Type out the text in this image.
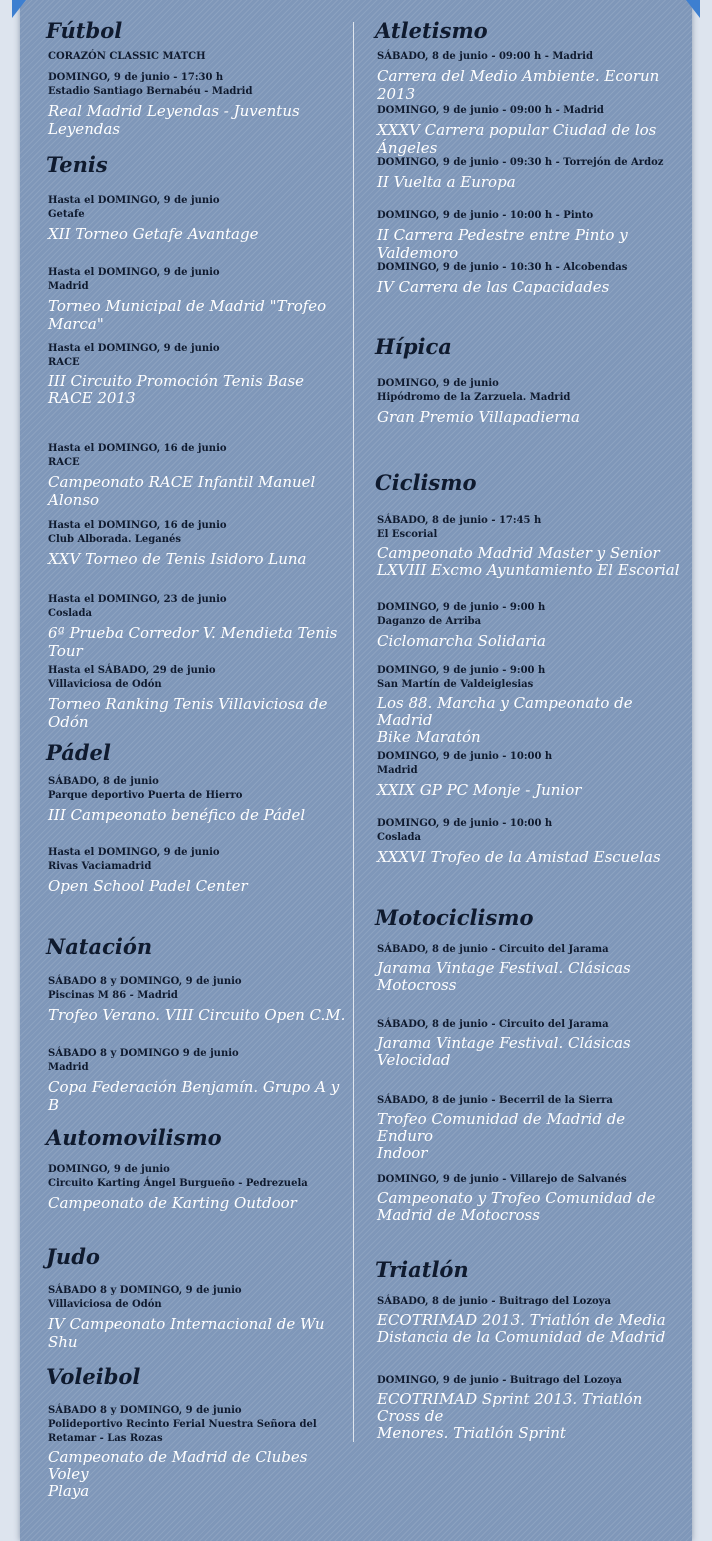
Fútbol
CORAZÓN CLASSIC MATCH
DOMINGO, 9 de junio - 17:30 h
Estadio Santiago Bernabéu - Madrid
Real Madrid Leyendas - Juventus Leyendas
Tenis
Hasta el DOMINGO, 9 de junio
Getafe
XII Torneo Getafe Avantage
Hasta el DOMINGO, 9 de junio
Madrid
Torneo Municipal de Madrid "Trofeo Marca"
Hasta el DOMINGO, 9 de junio
RACE
III Circuito Promoción Tenis Base
RACE 2013
Hasta el DOMINGO, 16 de junio
RACE
Campeonato RACE Infantil Manuel Alonso
Hasta el DOMINGO, 16 de junio
Club Alborada. Leganés
XXV Torneo de Tenis Isidoro Luna
Hasta el DOMINGO, 23 de junio
Coslada
6ª Prueba Corredor V. Mendieta Tenis Tour
Hasta el SÁBADO, 29 de junio
Villaviciosa de Odón
Torneo Ranking Tenis Villaviciosa de Odón
Pádel
SÁBADO, 8 de junio
Parque deportivo Puerta de Hierro
III Campeonato benéfico de Pádel
Hasta el DOMINGO, 9 de junio
Rivas Vaciamadrid
Open School Padel Center
Natación
SÁBADO 8 y DOMINGO, 9 de junio
Piscinas M 86 - Madrid
Trofeo Verano. VIII Circuito Open C.M.
SÁBADO 8 y DOMINGO 9 de junio
Madrid
Copa Federación Benjamín. Grupo A y B
Automovilismo
DOMINGO, 9 de junio
Circuito Karting Ángel Burgueño - Pedrezuela
Campeonato de Karting Outdoor
Judo
SÁBADO 8 y DOMINGO, 9 de junio
Villaviciosa de Odón
IV Campeonato Internacional de Wu Shu
Voleibol
SÁBADO 8 y DOMINGO, 9 de junio
Polideportivo Recinto Ferial Nuestra Señora del
Retamar - Las Rozas
Campeonato de Madrid de Clubes Voley
Playa
Atletismo
SÁBADO, 8 de junio - 09:00 h - Madrid
Carrera del Medio Ambiente. Ecorun 2013
DOMINGO, 9 de junio - 09:00 h - Madrid
XXXV Carrera popular Ciudad de los Ángeles
DOMINGO, 9 de junio - 09:30 h - Torrejón de Ardoz
II Vuelta a Europa
DOMINGO, 9 de junio - 10:00 h - Pinto
II Carrera Pedestre entre Pinto y Valdemoro
DOMINGO, 9 de junio - 10:30 h - Alcobendas
IV Carrera de las Capacidades
Hípica
DOMINGO, 9 de junio
Hipódromo de la Zarzuela. Madrid
Gran Premio Villapadierna
Ciclismo
SÁBADO, 8 de junio - 17:45 h
El Escorial
Campeonato Madrid Master y Senior
LXVIII Excmo Ayuntamiento El Escorial
DOMINGO, 9 de junio - 9:00 h
Daganzo de Arriba
Ciclomarcha Solidaria
DOMINGO, 9 de junio - 9:00 h
San Martín de Valdeiglesias
Los 88. Marcha y Campeonato de Madrid
Bike Maratón
DOMINGO, 9 de junio - 10:00 h
Madrid
XXIX GP PC Monje - Junior
DOMINGO, 9 de junio - 10:00 h
Coslada
XXXVI Trofeo de la Amistad Escuelas
Motociclismo
SÁBADO, 8 de junio - Circuito del Jarama
Jarama Vintage Festival. Clásicas
Motocross
SÁBADO, 8 de junio - Circuito del Jarama
Jarama Vintage Festival. Clásicas
Velocidad
SÁBADO, 8 de junio - Becerril de la Sierra
Trofeo Comunidad de Madrid de Enduro
Indoor
DOMINGO, 9 de junio - Villarejo de Salvanés
Campeonato y Trofeo Comunidad de
Madrid de Motocross
Triatlón
SÁBADO, 8 de junio - Buitrago del Lozoya
ECOTRIMAD 2013. Triatlón de Media
Distancia de la Comunidad de Madrid
DOMINGO, 9 de junio - Buitrago del Lozoya
ECOTRIMAD Sprint 2013. Triatlón Cross de
Menores. Triatlón Sprint
